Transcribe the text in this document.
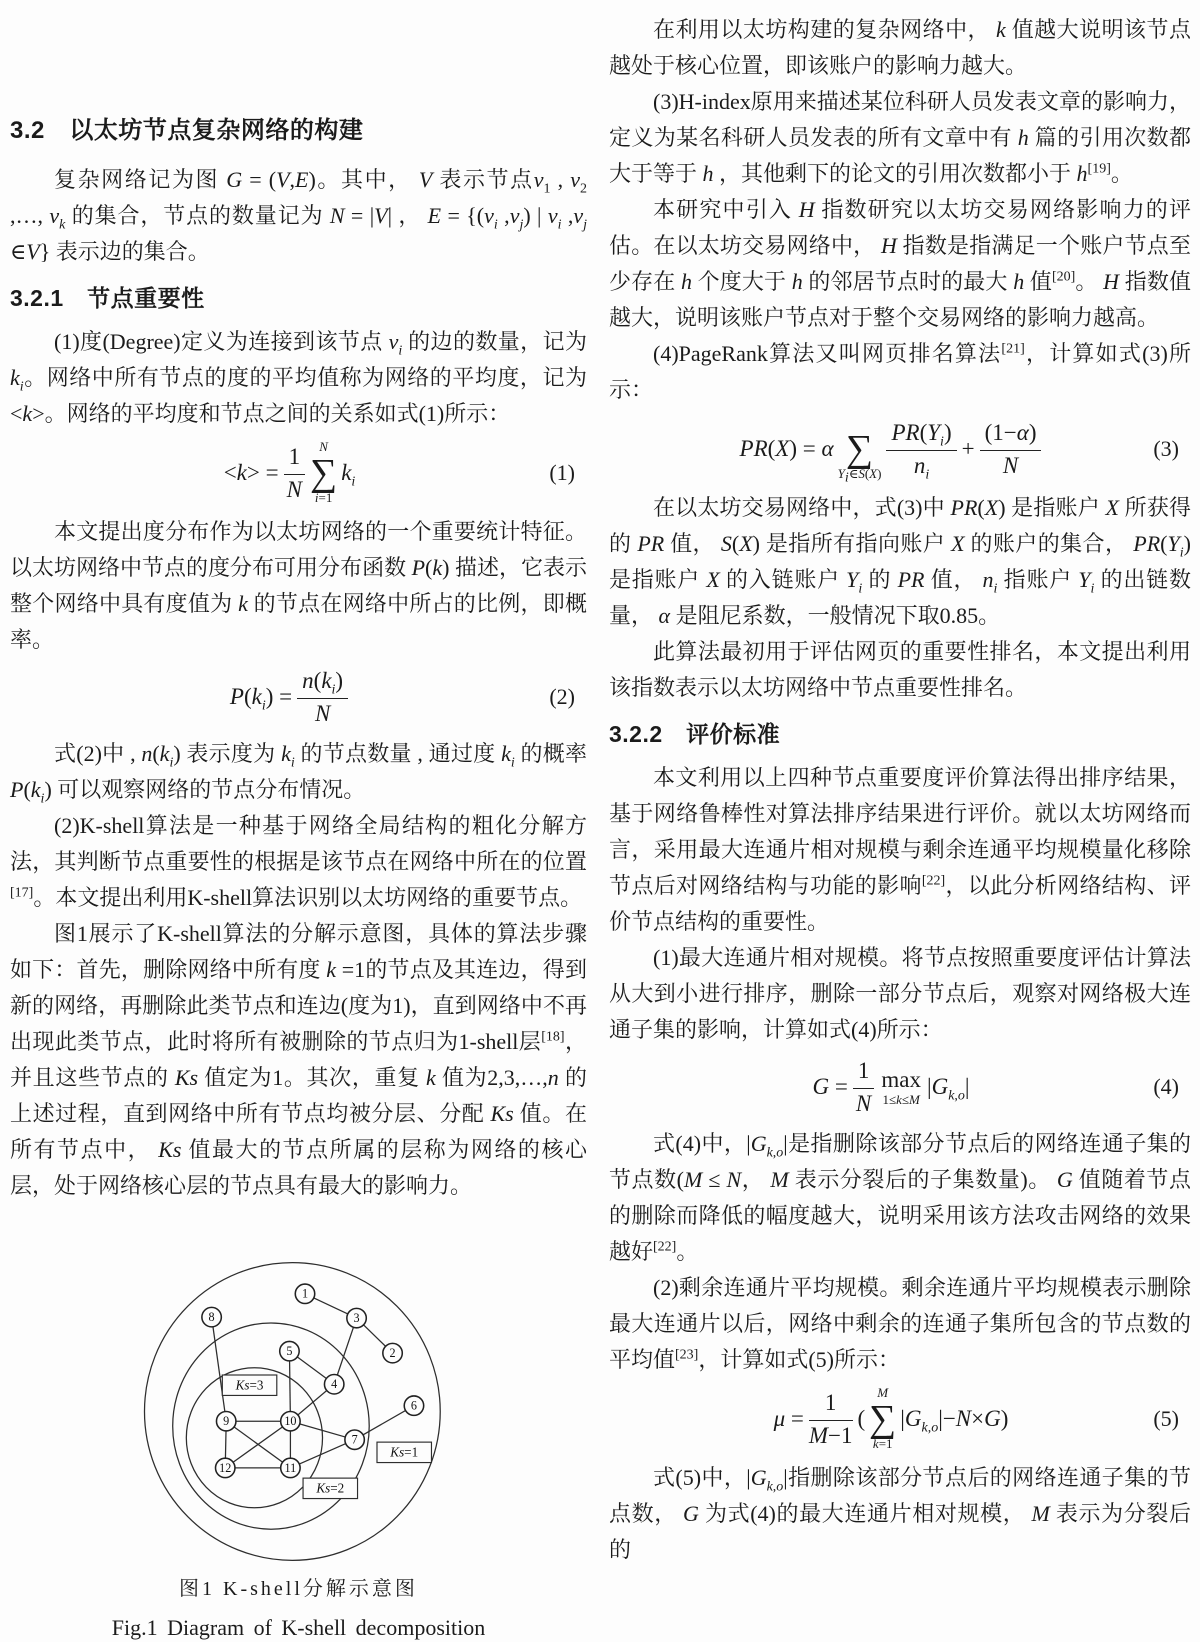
3.2　以太坊节点复杂网络的构建

复杂网络记为图 G = (V,E)。其中， V 表示节点$v_1$ , $v_2$ ,…, $v_k$ 的集合，节点的数量记为 N = |V| ， $E = \{(v_i$ $,v_j$) | $v_i$ $,v_j$ ∈V} 表示边的集合。

3.2.1　节点重要性

(1)度(Degree)定义为连接到该节点 $v_i$ 的边的数量，记为 $k_i$。网络中所有节点的度的平均值称为网络的平均度，记为 <k>。网络的平均度和节点之间的关系如式(1)所示：

$<k> = \frac{1}{N}$ N
∑
i=1
$k_i$	(1)

本文提出度分布作为以太坊网络的一个重要统计特征。以太坊网络中节点的度分布可用分布函数 P(k) 描述，它表示整个网络中具有度值为 k 的节点在网络中所占的比例，即概率。

$P(k_i) = \frac{n(k_i)}{N}$	(2)

式(2)中 , $n(k_i)$ 表示度为 $k_i$ 的节点数量 , 通过度 $k_i$ 的概率 $P(k_i)$ 可以观察网络的节点分布情况。

(2)K-shell算法是一种基于网络全局结构的粗化分解方法，其判断节点重要性的根据是该节点在网络中所在的位置[17]。本文提出利用K-shell算法识别以太坊网络的重要节点。

图1展示了K-shell算法的分解示意图，具体的算法步骤如下：首先，删除网络中所有度 k =1的节点及其连边，得到新的网络，再删除此类节点和连边(度为1)，直到网络中不再出现此类节点，此时将所有被删除的节点归为1-shell层[18]，并且这些节点的 Ks 值定为1。其次，重复 k 值为2,3,…,n 的上述过程，直到网络中所有节点均被分层、分配 Ks 值。在所有节点中， Ks 值最大的节点所属的层称为网络的核心层，处于网络核心层的节点具有最大的影响力。

Ks=3
Ks=1
Ks=2
1
2
3
4
5
6
7
8
9	10
11
12
图1 K-shell分解示意图
Fig.1 Diagram of K-shell decomposition

在利用以太坊构建的复杂网络中， k 值越大说明该节点越处于核心位置，即该账户的影响力越大。

(3)H-index原用来描述某位科研人员发表文章的影响力，定义为某名科研人员发表的所有文章中有 h 篇的引用次数都大于等于 h ，其他剩下的论文的引用次数都小于 h[19]。

本研究中引入 H 指数研究以太坊交易网络影响力的评估。在以太坊交易网络中， H 指数是指满足一个账户节点至少存在 h 个度大于 h 的邻居节点时的最大 h 值[20]。 H 指数值越大，说明该账户节点对于整个交易网络的影响力越高。

(4)PageRank算法又叫网页排名算法[21]，计算如式(3)所示：

PR(X) = α ∑
$Y_i\in S(X) \frac{PR(Y_i)}{n_i} + \frac{(1-\alpha)}{N}$	(3)

在以太坊交易网络中，式(3)中 PR(X) 是指账户 X 所获得的 PR 值， S(X) 是指所有指向账户 X 的账户的集合， $PR(Y_i)$ 是指账户 X 的入链账户 $Y_i$ 的 PR 值， $n_i$ 指账户 $Y_i$ 的出链数量， α 是阻尼系数，一般情况下取0.85。

此算法最初用于评估网页的重要性排名，本文提出利用该指数表示以太坊网络中节点重要性排名。

3.2.2　评价标准

本文利用以上四种节点重要度评价算法得出排序结果，基于网络鲁棒性对算法排序结果进行评价。就以太坊网络而言，采用最大连通片相对规模与剩余连通平均规模量化移除节点后对网络结构与功能的影响[22]，以此分析网络结构、评价节点结构的重要性。

(1)最大连通片相对规模。将节点按照重要度评估计算法从大到小进行排序，删除一部分节点后，观察对网络极大连通子集的影响，计算如式(4)所示：

$G = \frac{1}{N}$ max
1≤k≤M $|G_{k,o}|$	(4)

式(4)中，$|G_{k,o}|$是指删除该部分节点后的网络连通子集的节点数(M ≤ N， M 表示分裂后的子集数量)。 G 值随着节点的删除而降低的幅度越大，说明采用该方法攻击网络的效果越好[22]。

(2)剩余连通片平均规模。剩余连通片平均规模表示删除最大连通片以后，网络中剩余的连通子集所包含的节点数的平均值[23]，计算如式(5)所示：

$\mu = \frac{1}{M-1}$ (
M
∑
k=1
$|G_{k,o}|-N\times G$)	(5)

式(5)中，$|G_{k,o}|$指删除该部分节点后的网络连通子集的节点数， G 为式(4)的最大连通片相对规模， M 表示为分裂后的
